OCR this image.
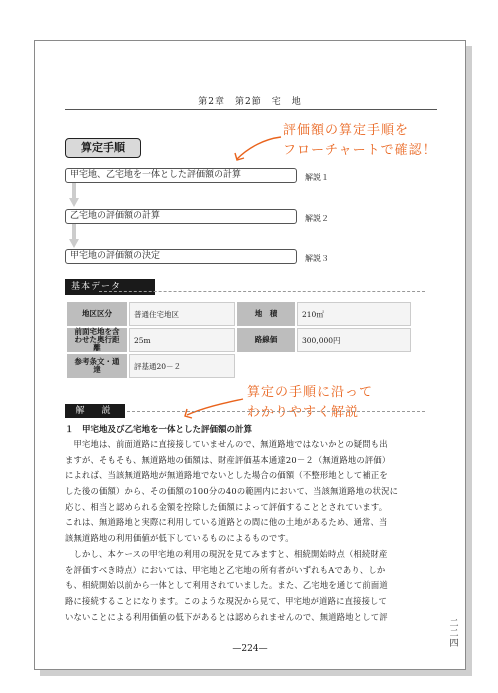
第2章　第2節　宅　地
評価額の算定手順を
フローチャートで確認！
算定手順
甲宅地、乙宅地を一体とした評価額の計算	解説１
乙宅地の評価額の計算	解説２
甲宅地の評価額の決定	解説３
基本データ
地区区分	普通住宅地区	地　積	210㎡
前面宅地を含わせた奥行距離	25m	路線価	300,000円
参考条文・通　達	評基通20－２		
算定の手順に沿って
わかりやすく解説
解　説
１　甲宅地及び乙宅地を一体とした評価額の計算
　甲宅地は、前面道路に直接接していませんので、無道路地ではないかとの疑問も出
ますが、そもそも、無道路地の価額は、財産評価基本通達20－２（無道路地の評価）
によれば、当該無道路地が無道路地でないとした場合の価額（不整形地として補正を
した後の価額）から、その価額の100分の40の範囲内において、当該無道路地の状況に
応じ、相当と認められる金額を控除した価額によって評価することとされています。
これは、無道路地と実際に利用している道路との間に他の土地があるため、通常、当
該無道路地の利用価値が低下しているものによるものです。
　しかし、本ケースの甲宅地の利用の現況を見てみますと、相続開始時点（相続財産
を評価すべき時点）においては、甲宅地と乙宅地の所有者がいずれもAであり、しか
も、相続開始以前から一体として利用されていました。また、乙宅地を通じて前面道
路に接続することになります。このような現況から見て、甲宅地が道路に直接接して
いないことによる利用価値の低下があるとは認められませんので、無道路地として評
二二四
—224—
